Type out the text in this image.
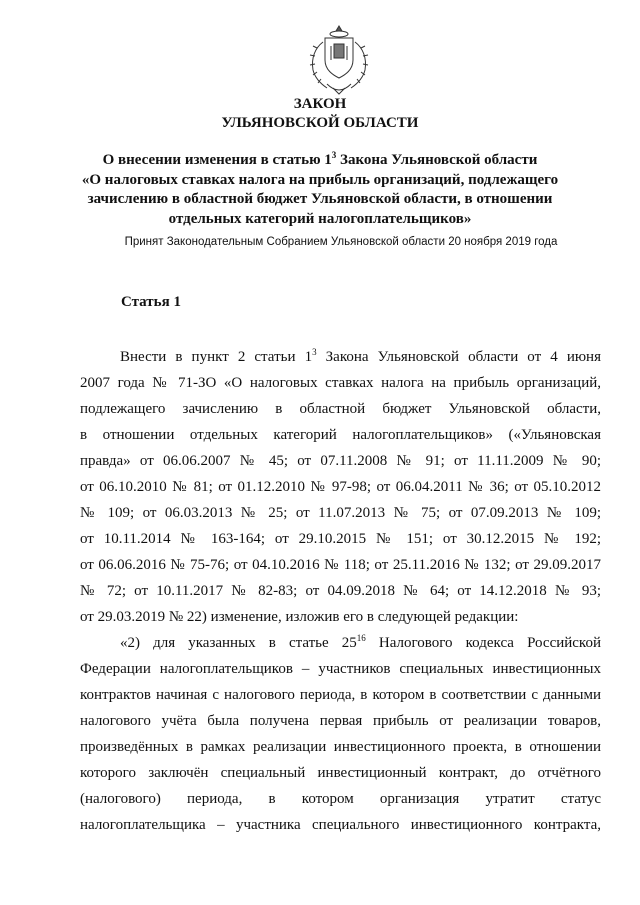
ЗАКОН
УЛЬЯНОВСКОЙ ОБЛАСТИ
О внесении изменения в статью $1^3$ Закона Ульяновской области
«О налоговых ставках налога на прибыль организаций, подлежащего
зачислению в областной бюджет Ульяновской области, в отношении
отдельных категорий налогоплательщиков»
Принят Законодательным Собранием Ульяновской области 20 ноября 2019 года
Статья 1
Внести в пункт 2 статьи $1^3$ Закона Ульяновской области от 4 июня
2007 года № 71-ЗО «О налоговых ставках налога на прибыль организаций,
подлежащего зачислению в областной бюджет Ульяновской области,
в отношении отдельных категорий налогоплательщиков» («Ульяновская
правда» от 06.06.2007 № 45; от 07.11.2008 № 91; от 11.11.2009 № 90;
от 06.10.2010 № 81; от 01.12.2010 № 97-98; от 06.04.2011 № 36; от 05.10.2012
№ 109; от 06.03.2013 № 25; от 11.07.2013 № 75; от 07.09.2013 № 109;
от 10.11.2014 № 163-164; от 29.10.2015 № 151; от 30.12.2015 № 192;
от 06.06.2016 № 75-76; от 04.10.2016 № 118; от 25.11.2016 № 132; от 29.09.2017
№ 72; от 10.11.2017 № 82-83; от 04.09.2018 № 64; от 14.12.2018 № 93;
от 29.03.2019 № 22) изменение, изложив его в следующей редакции:
«2) для указанных в статье $25^{16}$ Налогового кодекса Российской
Федерации налогоплательщиков – участников специальных инвестиционных
контрактов начиная с налогового периода, в котором в соответствии с данными
налогового учёта была получена первая прибыль от реализации товаров,
произведённых в рамках реализации инвестиционного проекта, в отношении
которого заключён специальный инвестиционный контракт, до отчётного
(налогового) периода, в котором организация утратит статус
налогоплательщика – участника специального инвестиционного контракта,
